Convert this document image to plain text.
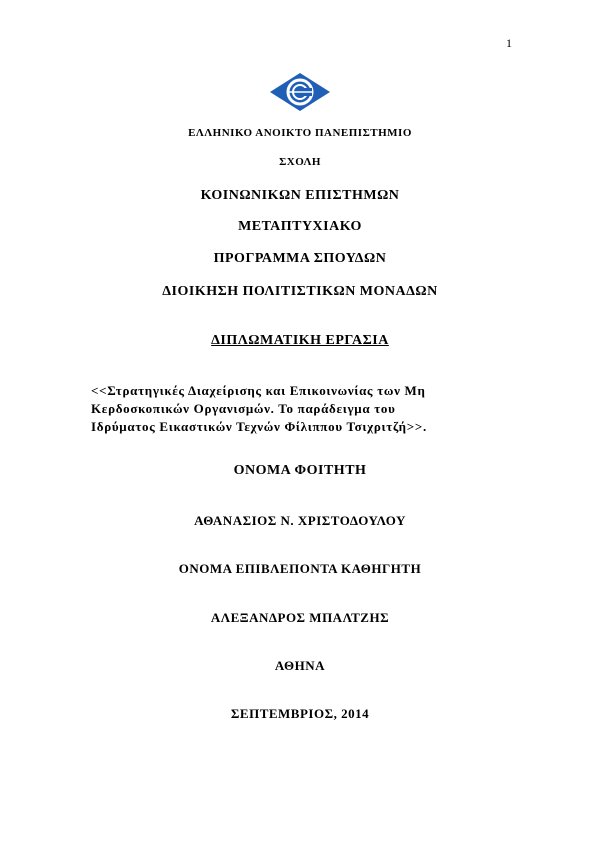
1
ΕΛΛΗΝΙΚΟ ΑΝΟΙΚΤΟ ΠΑΝΕΠΙΣΤΗΜΙΟ
ΣΧΟΛΗ
ΚΟΙΝΩΝΙΚΩΝ ΕΠΙΣΤΗΜΩΝ
ΜΕΤΑΠΤΥΧΙΑΚΟ
ΠΡΟΓΡΑΜΜΑ ΣΠΟΥΔΩΝ
ΔΙΟΙΚΗΣΗ ΠΟΛΙΤΙΣΤΙΚΩΝ ΜΟΝΑΔΩΝ
ΔΙΠΛΩΜΑΤΙΚΗ ΕΡΓΑΣΙΑ
<<Στρατηγικές Διαχείρισης και Επικοινωνίας των Μη
Κερδοσκοπικών Οργανισμών. Το παράδειγμα του
Ιδρύματος Εικαστικών Τεχνών Φίλιππου Τσιχριτζή>>.
ΟΝΟΜΑ ΦΟΙΤΗΤΗ
ΑΘΑΝΑΣΙΟΣ Ν. ΧΡΙΣΤΟΔΟΥΛΟΥ
ΟΝΟΜΑ ΕΠΙΒΛΕΠΟΝΤΑ ΚΑΘΗΓΗΤΗ
ΑΛΕΞΑΝΔΡΟΣ ΜΠΑΛΤΖΗΣ
ΑΘΗΝΑ
ΣΕΠΤΕΜΒΡΙΟΣ, 2014
